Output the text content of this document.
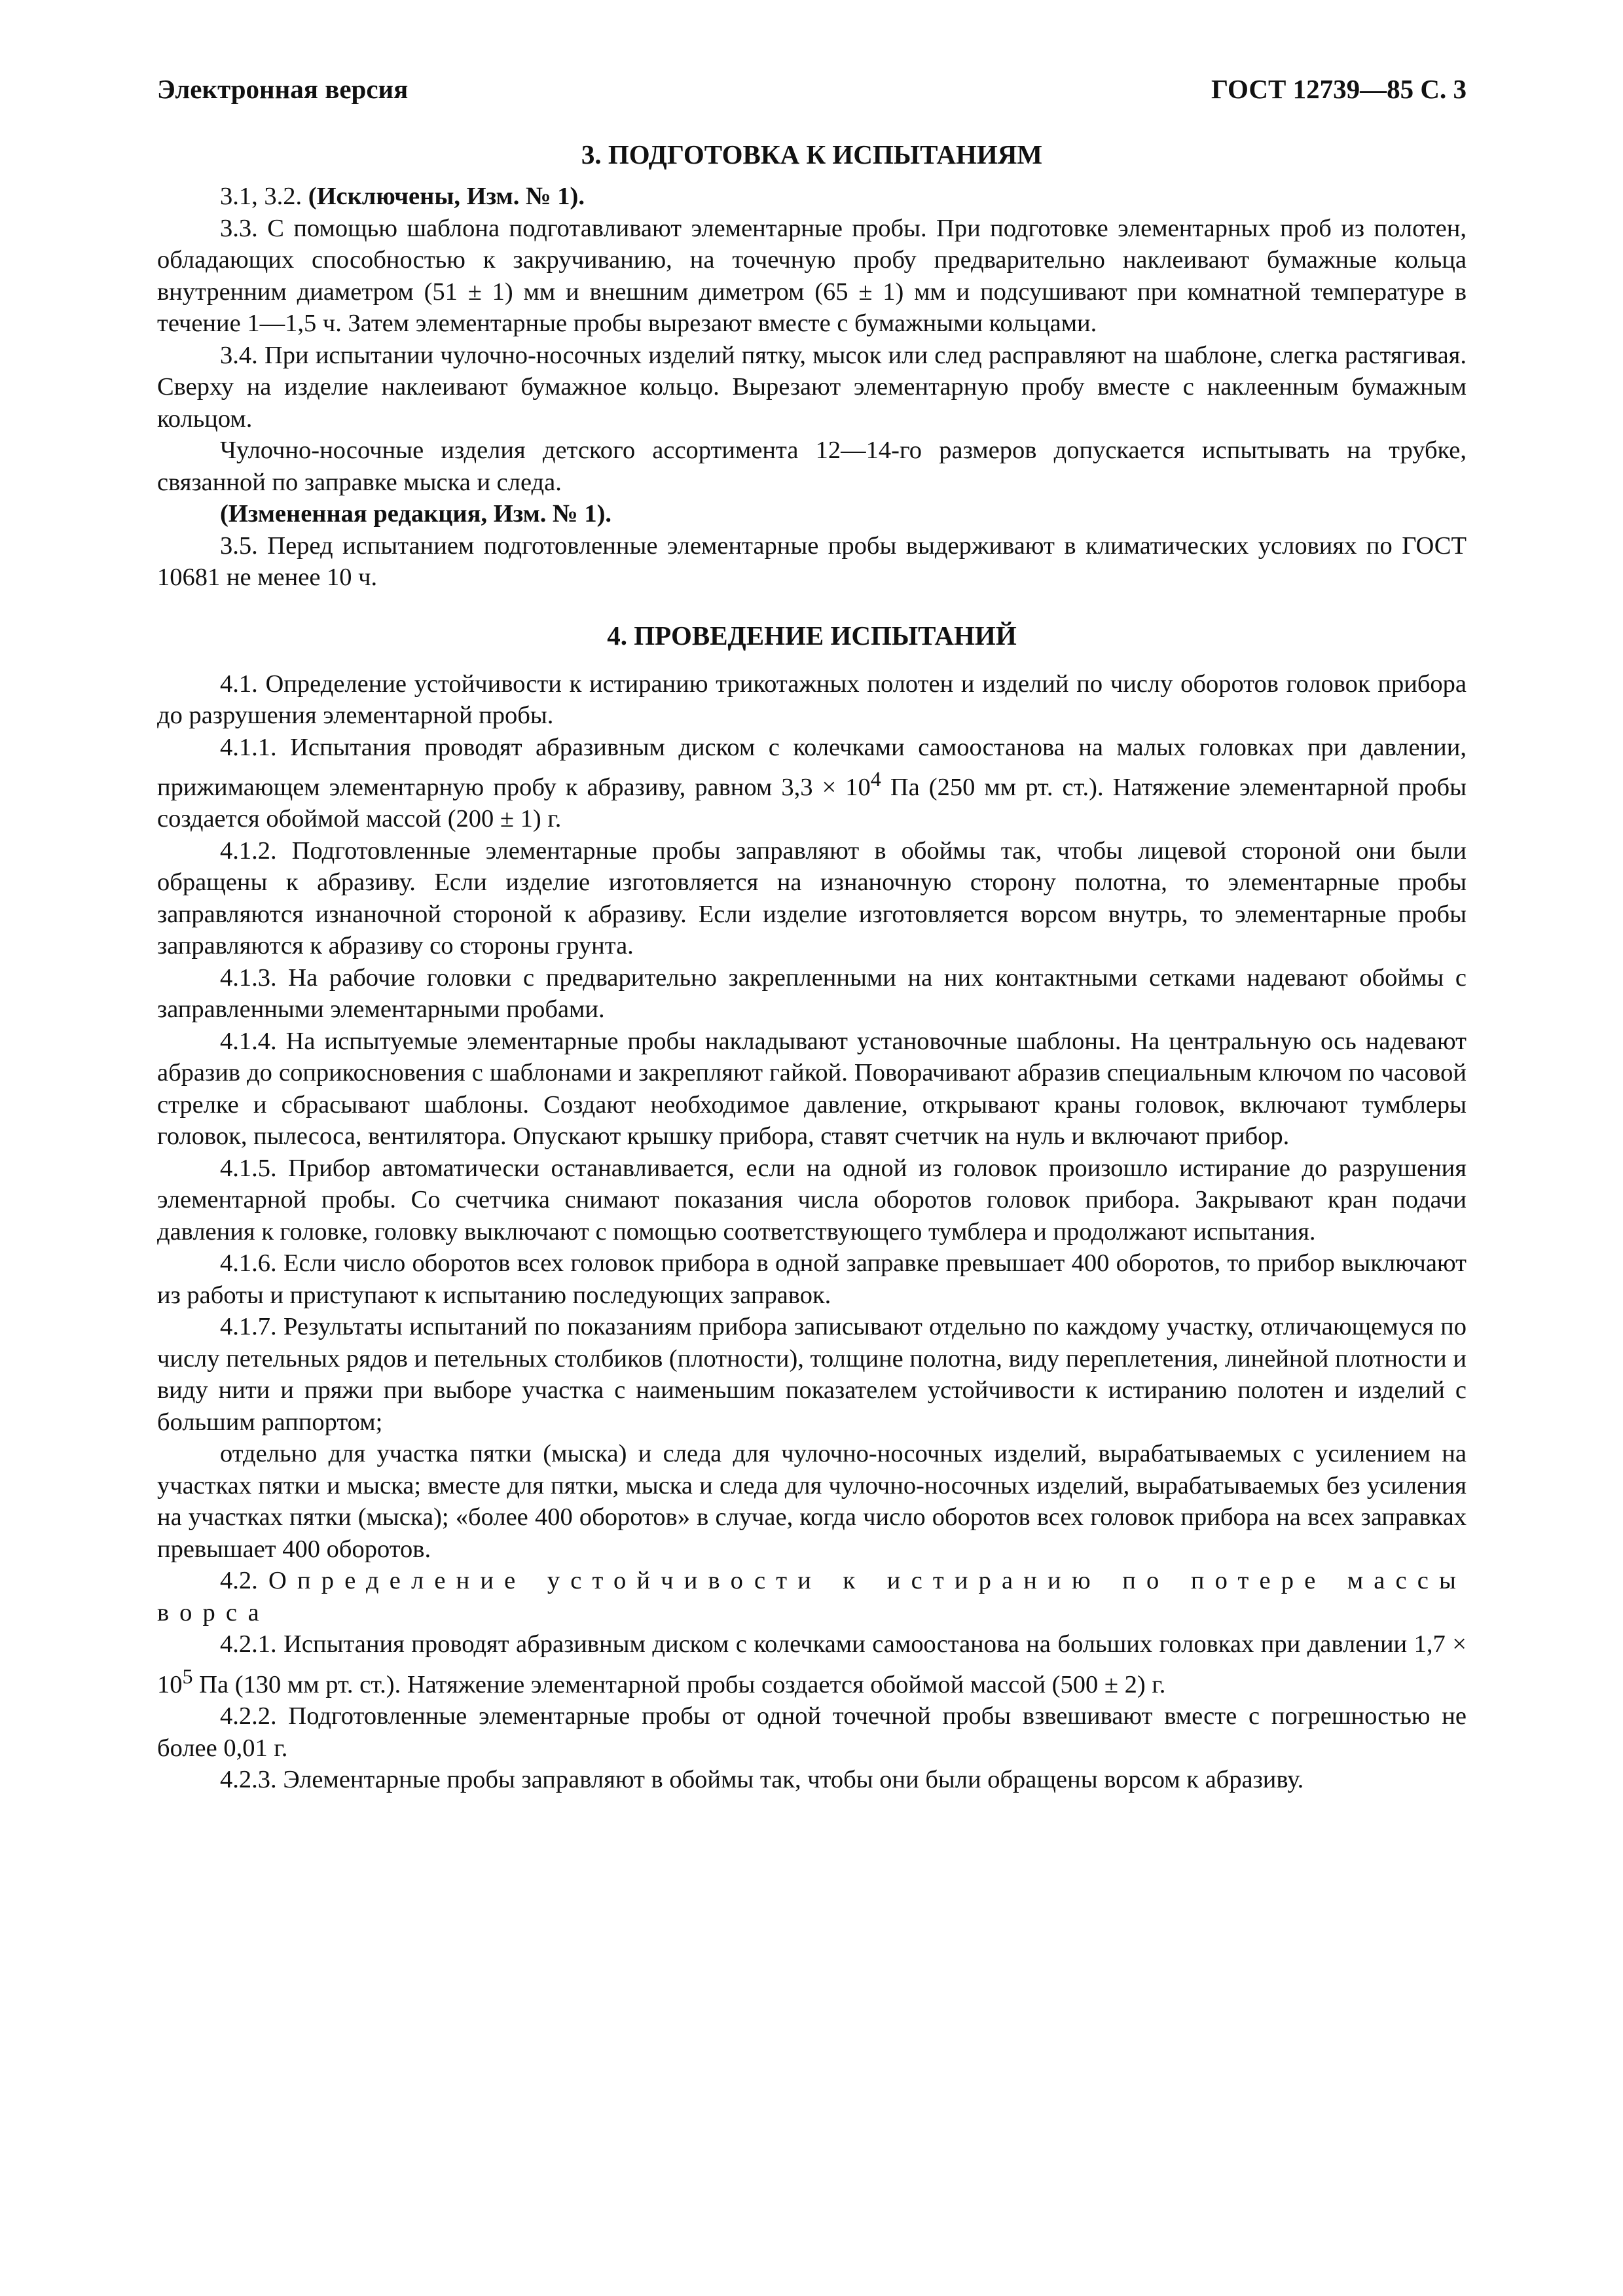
Электронная версия	ГОСТ 12739—85 С. 3
3. ПОДГОТОВКА К ИСПЫТАНИЯМ

3.1, 3.2. (Исключены, Изм. № 1).

3.3. С помощью шаблона подготавливают элементарные пробы. При подготовке элементарных проб из полотен, обладающих способностью к закручиванию, на точечную пробу предварительно наклеивают бумажные кольца внутренним диаметром (51 ± 1) мм и внешним диметром (65 ± 1) мм и подсушивают при комнатной температуре в течение 1—1,5 ч. Затем элементарные пробы вырезают вместе с бумажными кольцами.

3.4. При испытании чулочно-носочных изделий пятку, мысок или след расправляют на шаблоне, слегка растягивая. Сверху на изделие наклеивают бумажное кольцо. Вырезают элементарную пробу вместе с наклеенным бумажным кольцом.

Чулочно-носочные изделия детского ассортимента 12—14-го размеров допускается испытывать на трубке, связанной по заправке мыска и следа.

(Измененная редакция, Изм. № 1).

3.5. Перед испытанием подготовленные элементарные пробы выдерживают в климатических условиях по ГОСТ 10681 не менее 10 ч.

4. ПРОВЕДЕНИЕ ИСПЫТАНИЙ

4.1. Определение устойчивости к истиранию трикотажных полотен и изделий по числу оборотов головок прибора до разрушения элементарной пробы.

4.1.1. Испытания проводят абразивным диском с колечками самоостанова на малых головках при давлении, прижимающем элементарную пробу к абразиву, равном $3,3 \times 10^4$ Па (250 мм рт. ст.). Натяжение элементарной пробы создается обоймой массой (200 ± 1) г.

4.1.2. Подготовленные элементарные пробы заправляют в обоймы так, чтобы лицевой стороной они были обращены к абразиву. Если изделие изготовляется на изнаночную сторону полотна, то элементарные пробы заправляются изнаночной стороной к абразиву. Если изделие изготовляется ворсом внутрь, то элементарные пробы заправляются к абразиву со стороны грунта.

4.1.3. На рабочие головки с предварительно закрепленными на них контактными сетками надевают обоймы с заправленными элементарными пробами.

4.1.4. На испытуемые элементарные пробы накладывают установочные шаблоны. На центральную ось надевают абразив до соприкосновения с шаблонами и закрепляют гайкой. Поворачивают абразив специальным ключом по часовой стрелке и сбрасывают шаблоны. Создают необходимое давление, открывают краны головок, включают тумблеры головок, пылесоса, вентилятора. Опускают крышку прибора, ставят счетчик на нуль и включают прибор.

4.1.5. Прибор автоматически останавливается, если на одной из головок произошло истирание до разрушения элементарной пробы. Со счетчика снимают показания числа оборотов головок прибора. Закрывают кран подачи давления к головке, головку выключают с помощью соответствующего тумблера и продолжают испытания.

4.1.6. Если число оборотов всех головок прибора в одной заправке превышает 400 оборотов, то прибор выключают из работы и приступают к испытанию последующих заправок.

4.1.7. Результаты испытаний по показаниям прибора записывают отдельно по каждому участку, отличающемуся по числу петельных рядов и петельных столбиков (плотности), толщине полотна, виду переплетения, линейной плотности и виду нити и пряжи при выборе участка с наименьшим показателем устойчивости к истиранию полотен и изделий с большим раппортом;

отдельно для участка пятки (мыска) и следа для чулочно-носочных изделий, вырабатываемых с усилением на участках пятки и мыска; вместе для пятки, мыска и следа для чулочно-носочных изделий, вырабатываемых без усиления на участках пятки (мыска); «более 400 оборотов» в случае, когда число оборотов всех головок прибора на всех заправках превышает 400 оборотов.

4.2. Определение устойчивости к истиранию по потере массы ворса

4.2.1. Испытания проводят абразивным диском с колечками самоостанова на больших головках при давлении $1,7 \times 10^5$ Па (130 мм рт. ст.). Натяжение элементарной пробы создается обоймой массой (500 ± 2) г.

4.2.2. Подготовленные элементарные пробы от одной точечной пробы взвешивают вместе с погрешностью не более 0,01 г.

4.2.3. Элементарные пробы заправляют в обоймы так, чтобы они были обращены ворсом к абразиву.
